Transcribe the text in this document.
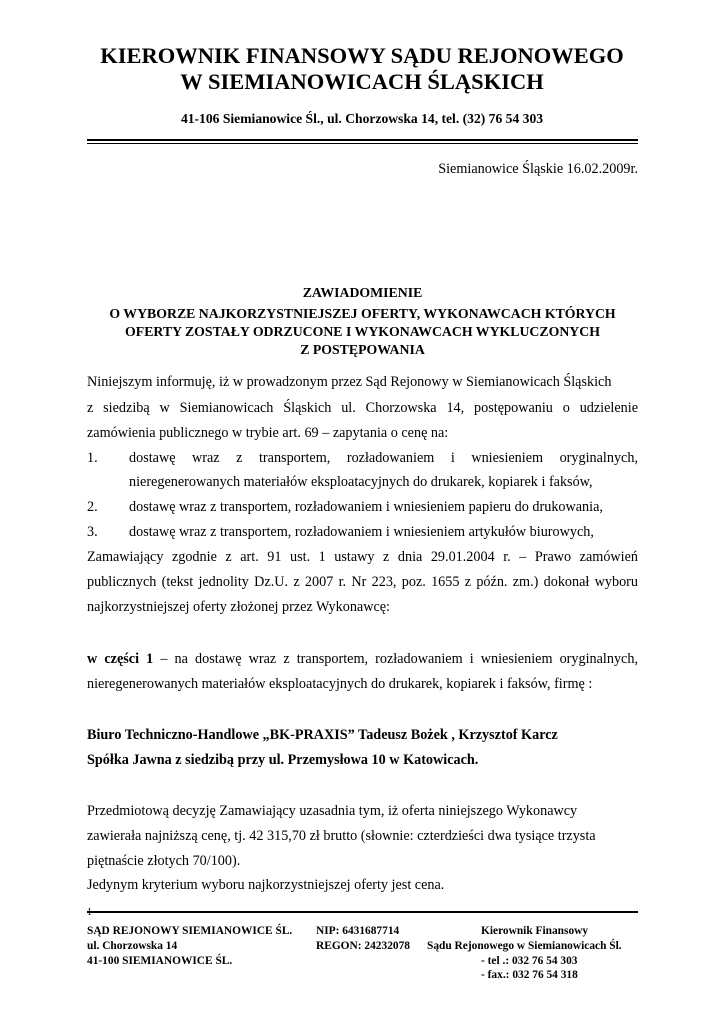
KIEROWNIK FINANSOWY SĄDU REJONOWEGO
W SIEMIANOWICACH ŚLĄSKICH
41-106 Siemianowice Śl., ul. Chorzowska 14, tel. (32) 76 54 303
Siemianowice Śląskie 16.02.2009r.
ZAWIADOMIENIE
O WYBORZE NAJKORZYSTNIEJSZEJ OFERTY, WYKONAWCACH KTÓRYCH
OFERTY ZOSTAŁY ODRZUCONE I WYKONAWCACH WYKLUCZONYCH
Z POSTĘPOWANIA
Niniejszym informuję, iż w prowadzonym przez Sąd Rejonowy w Siemianowicach Śląskich
z siedzibą w Siemianowicach Śląskich ul. Chorzowska 14, postępowaniu o udzielenie
zamówienia publicznego w trybie art. 69 – zapytania o cenę na:
1. dostawę wraz z transportem, rozładowaniem i wniesieniem oryginalnych,
nieregenerowanych materiałów eksploatacyjnych do drukarek, kopiarek i faksów,
2. dostawę wraz z transportem, rozładowaniem i wniesieniem papieru do drukowania,
3. dostawę wraz z transportem, rozładowaniem i wniesieniem artykułów biurowych,
Zamawiający zgodnie z art. 91 ust. 1 ustawy z dnia 29.01.2004 r. – Prawo zamówień
publicznych (tekst jednolity Dz.U. z 2007 r. Nr 223, poz. 1655 z późn. zm.) dokonał wyboru
najkorzystniejszej oferty złożonej przez Wykonawcę:
w części 1 – na dostawę wraz z transportem, rozładowaniem i wniesieniem oryginalnych,
nieregenerowanych materiałów eksploatacyjnych do drukarek, kopiarek i faksów, firmę :
Biuro Techniczno-Handlowe „BK-PRAXIS” Tadeusz Bożek , Krzysztof Karcz
Spółka Jawna z siedzibą przy ul. Przemysłowa 10 w Katowicach.
Przedmiotową decyzję Zamawiający uzasadnia tym, iż oferta niniejszego Wykonawcy
zawierała najniższą cenę, tj. 42 315,70 zł brutto (słownie: czterdzieści dwa tysiące trzysta
piętnaście złotych 70/100).
Jedynym kryterium wyboru najkorzystniejszej oferty jest cena.
SĄD REJONOWY SIEMIANOWICE ŚL.
ul. Chorzowska 14
41-100 SIEMIANOWICE ŚL.
NIP: 6431687714
REGON: 24232078
Kierownik Finansowy
Sądu Rejonowego w Siemianowicach Śl.
- tel .: 032 76 54 303
- fax.: 032 76 54 318
